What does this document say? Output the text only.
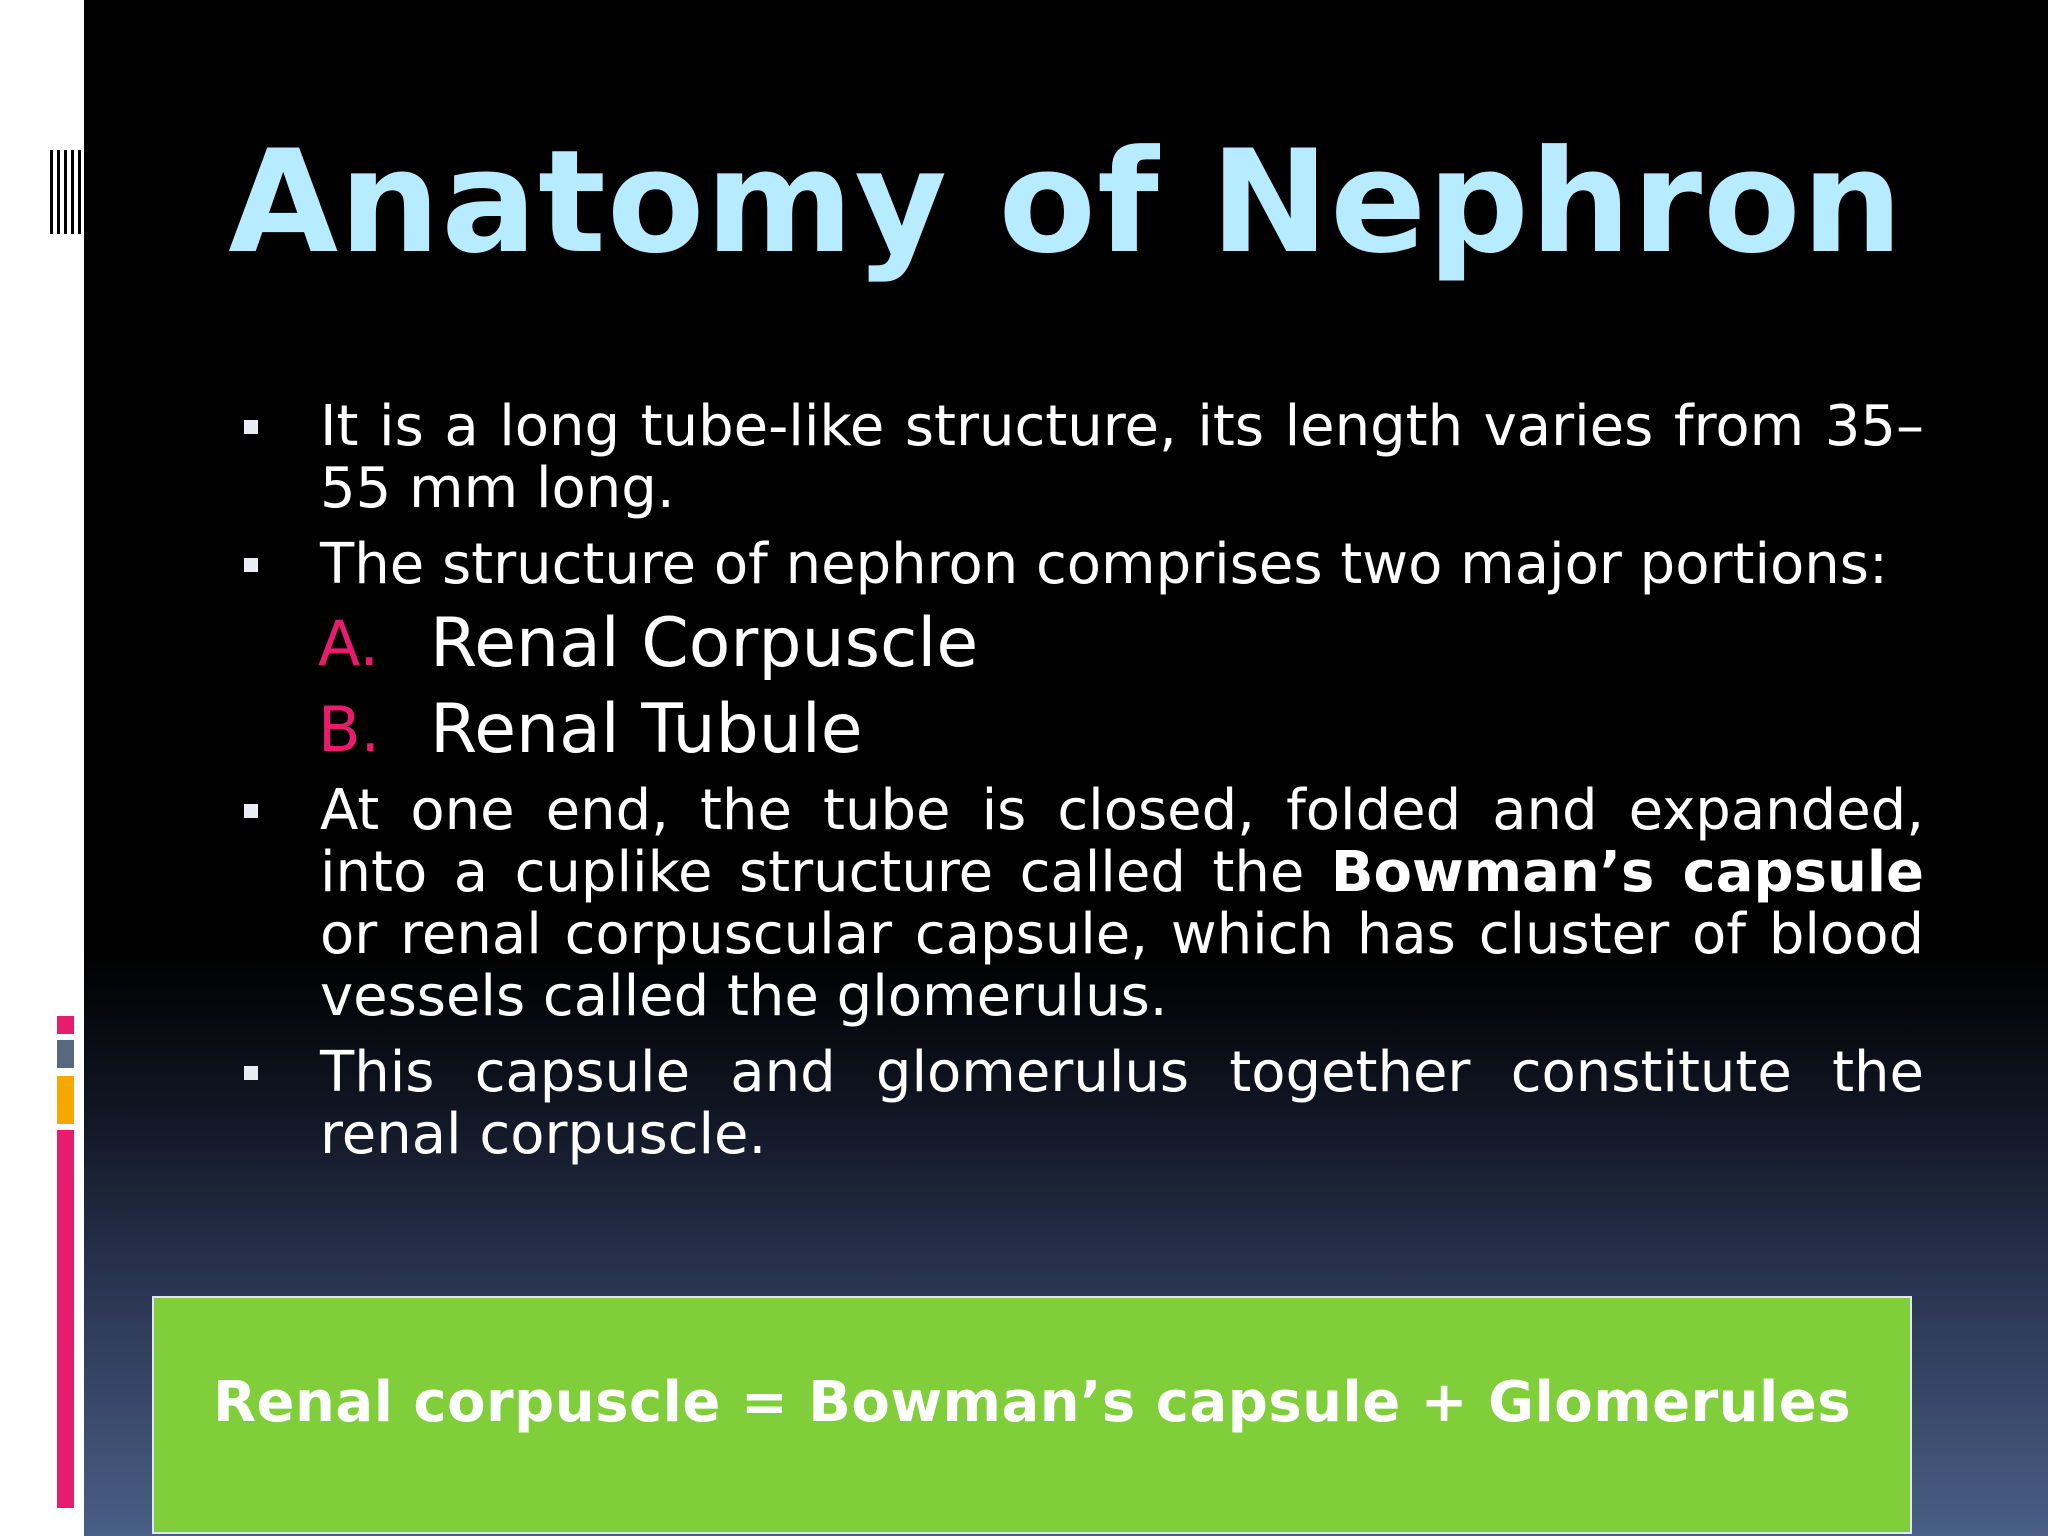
Anatomy of Nephron
It is a long tube-like structure, its length varies from 35–55 mm long.
The structure of nephron comprises two major portions:
A. Renal Corpuscle
B. Renal Tubule
At one end, the tube is closed, folded and expanded, into a cuplike structure called the Bowman’s capsule or renal corpuscular capsule, which has cluster of blood vessels called the glomerulus.
This capsule and glomerulus together constitute the renal corpuscle.
Renal corpuscle = Bowman’s capsule + Glomerules
